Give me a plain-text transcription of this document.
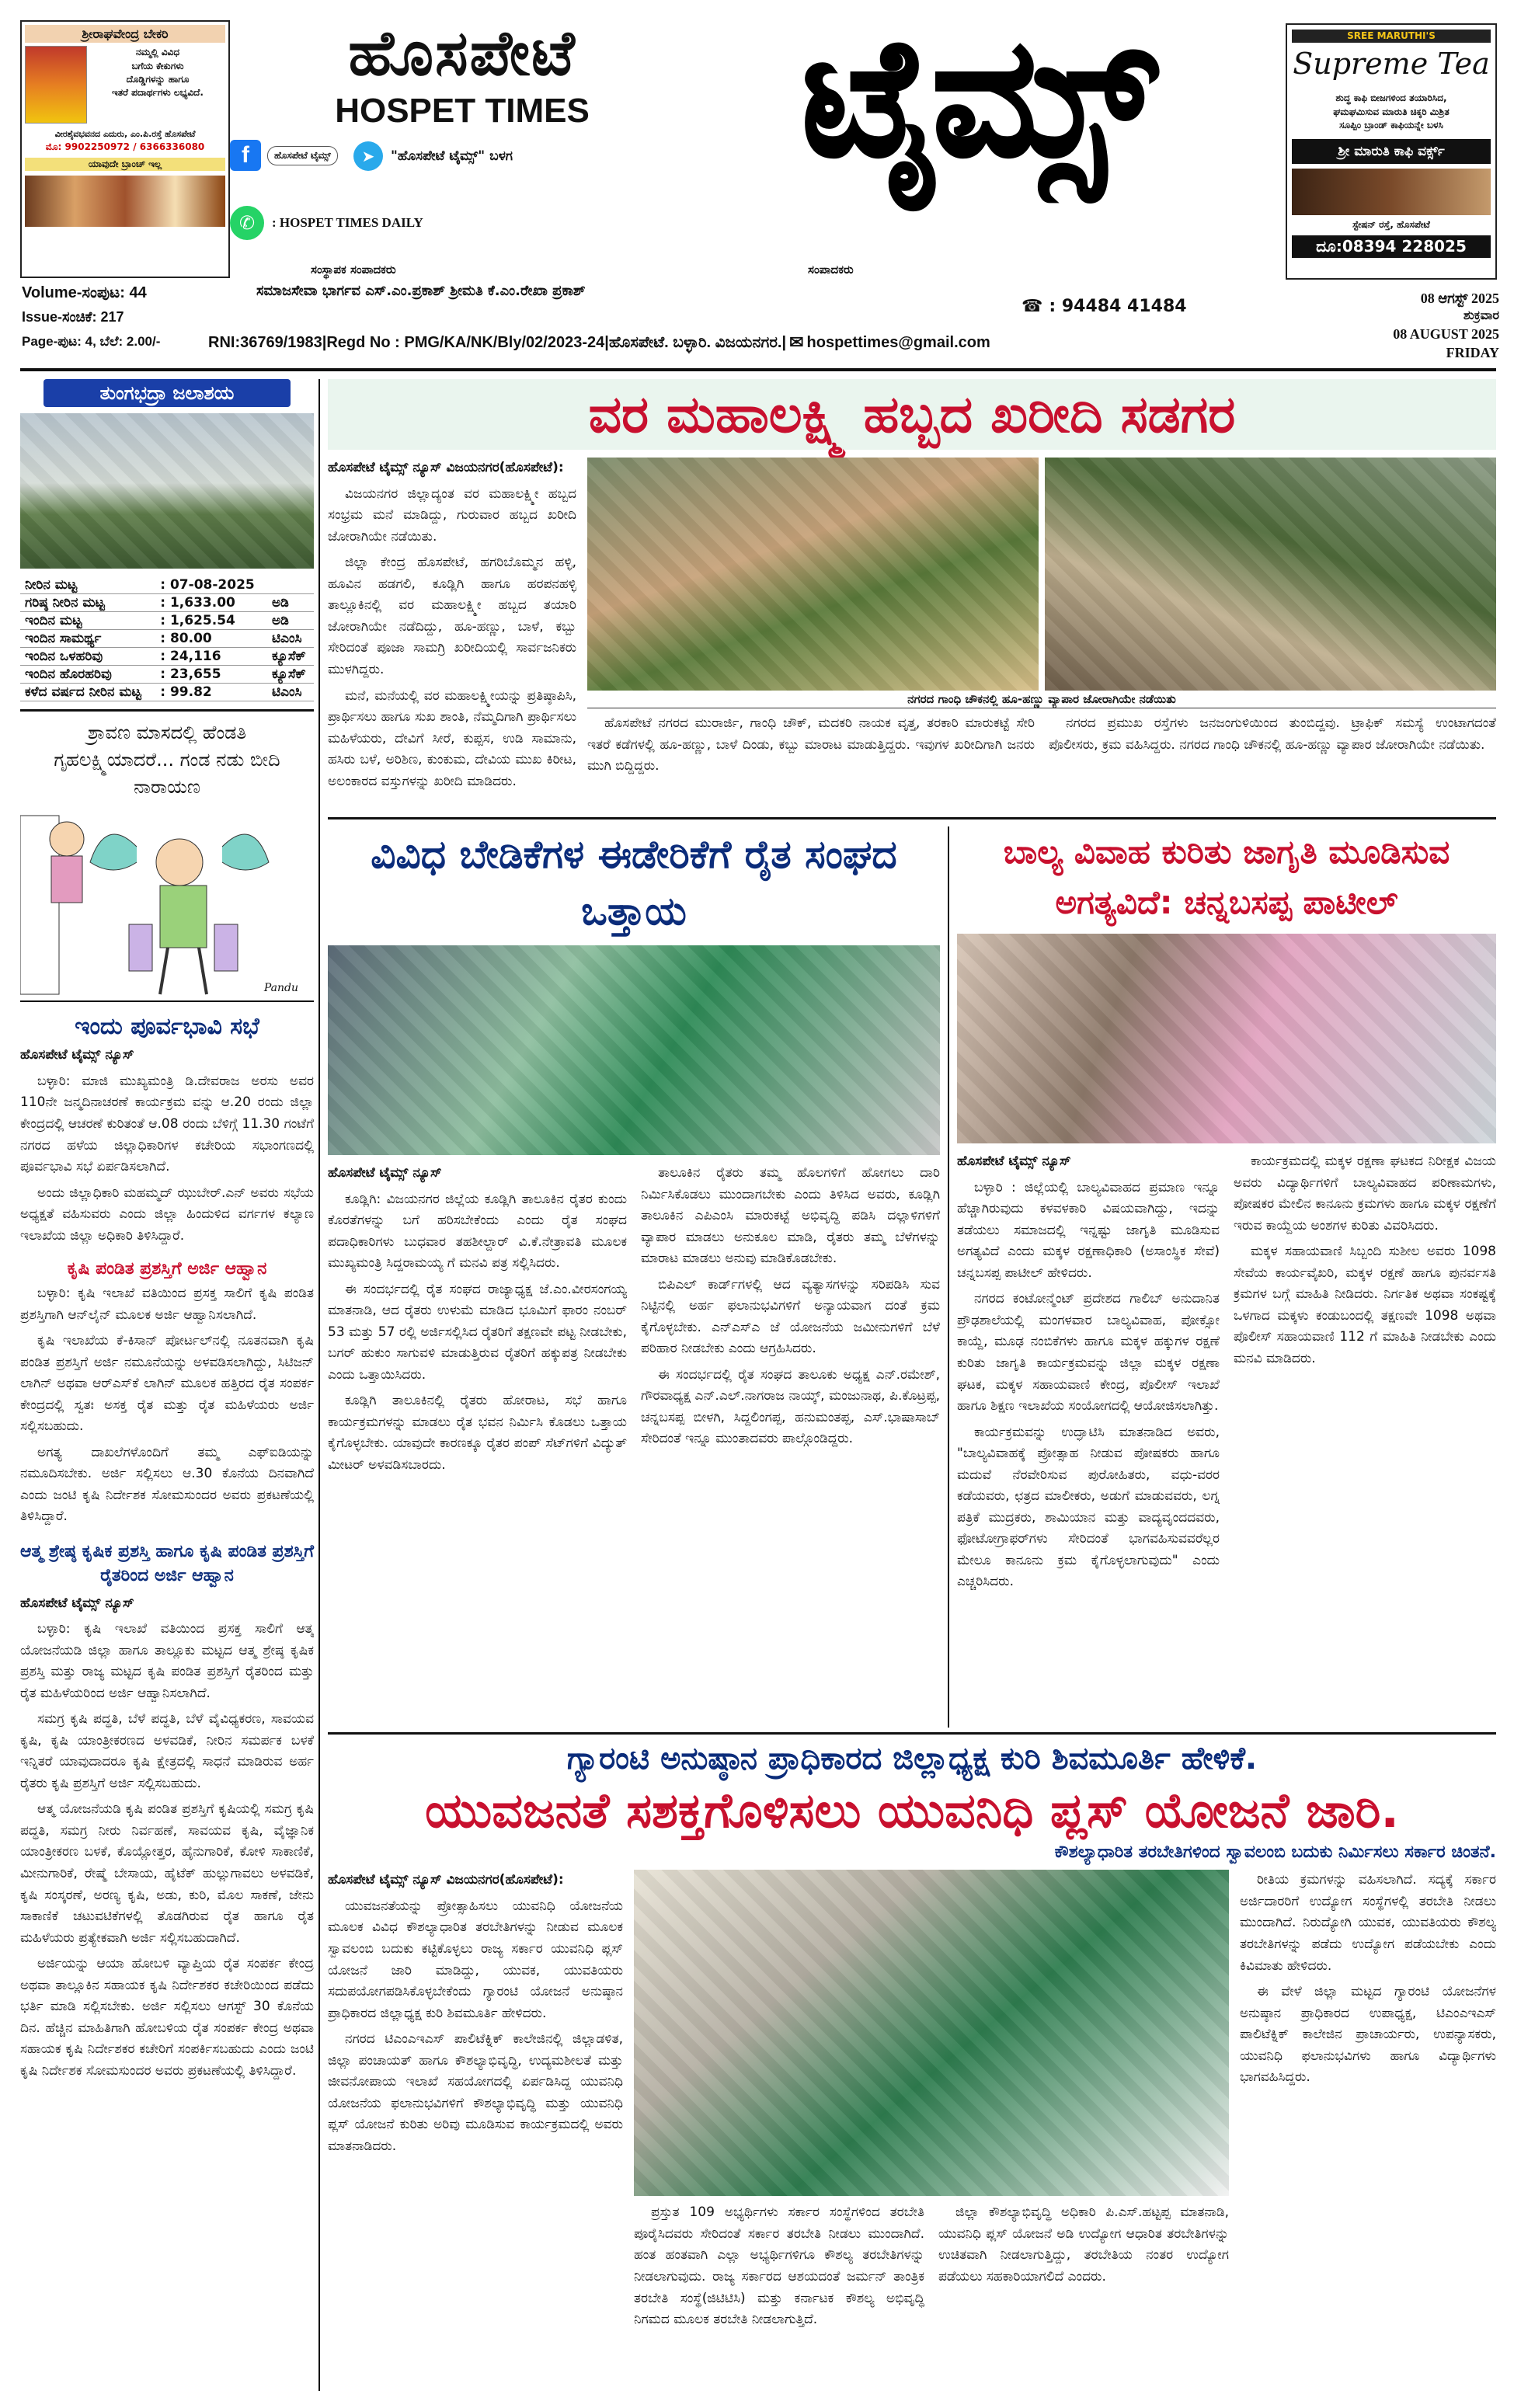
ಶ್ರೀರಾಘವೇಂದ್ರ ಬೇಕರಿ
ನಮ್ಮಲ್ಲಿ ವಿವಿಧ
ಬಗೆಯ ಕೇಕುಗಳು
ದೊಡ್ಡಿಗಳನ್ನು ಹಾಗೂ
ಇತರೆ ಪದಾರ್ಥಗಳು ಲಭ್ಯವಿದೆ.
ವೀರಶೈವಭವನದ ಎದುರು, ಎಂ.ಪಿ.ರಸ್ತೆ ಹೊಸಪೇಟೆ
ಮೊ: 9902250972 / 6366336080
ಯಾವುದೇ ಬ್ರಾಂಚ್ ಇಲ್ಲ
ಹೊಸಪೇಟೆ
HOSPET TIMES
f	ಹೊಸಪೇಟೆ ಟೈಮ್ಸ್	➤	"ಹೊಸಪೇಟೆ ಟೈಮ್ಸ್" ಬಳಗ
✆	: HOSPET TIMES DAILY
ಟೈಮ್ಸ್	SREE MARUTHI'S
Supreme Tea
ಶುದ್ಧ ಕಾಫಿ ಬೀಜಗಳಿಂದ ತಯಾರಿಸಿದ,
ಘಮಘಮಿಸುವ ಮಾರುತಿ ಚಿಕ್ಕರಿ ಮಿಶ್ರಿತ
ಸೂಪ್ಪಿಂ ಬ್ರಾಂಡ್ ಕಾಫಿಯನ್ನೇ ಬಳಸಿ
ಶ್ರೀ ಮಾರುತಿ ಕಾಫಿ ವರ್ಕ್ಸ್
ಸ್ಟೇಷನ್ ರಸ್ತೆ, ಹೊಸಪೇಟೆ
ದೂ:08394 228025
ಸಂಸ್ಥಾಪಕ ಸಂಪಾದಕರು	ಸಂಪಾದಕರು
ಸಮಾಜಸೇವಾ ಭಾರ್ಗವ ಎಸ್.ಎಂ.ಪ್ರಕಾಶ್ ಶ್ರೀಮತಿ ಕೆ.ಎಂ.ರೇಖಾ ಪ್ರಕಾಶ್
☎ : 94484 41484
Volume-ಸಂಪುಟ: 44
Issue-ಸಂಚಿಕೆ: 217
Page-ಪುಟ: 4, ಬೆಲೆ: 2.00/-	RNI:36769/1983|Regd No : PMG/KA/NK/Bly/02/2023-24|ಹೊಸಪೇಟೆ. ಬಳ್ಳಾರಿ. ವಿಜಯನಗರ.| ✉ hospettimes@gmail.com
08 ಆಗಸ್ಟ್ 2025
ಶುಕ್ರವಾರ
08 AUGUST 2025
FRIDAY
ತುಂಗಭದ್ರಾ ಜಲಾಶಯ
ನೀರಿನ ಮಟ್ಟ	: 07-08-2025	
ಗರಿಷ್ಠ ನೀರಿನ ಮಟ್ಟ	: 1,633.00	ಅಡಿ
ಇಂದಿನ ಮಟ್ಟ	: 1,625.54	ಅಡಿ
ಇಂದಿನ ಸಾಮರ್ಥ್ಯ	: 80.00	ಟಿಎಂಸಿ
ಇಂದಿನ ಒಳಹರಿವು	: 24,116	ಕ್ಯೂಸೆಕ್
ಇಂದಿನ ಹೊರಹರಿವು	: 23,655	ಕ್ಯೂಸೆಕ್
ಕಳೆದ ವರ್ಷದ ನೀರಿನ ಮಟ್ಟ	: 99.82	ಟಿಎಂಸಿ
ಶ್ರಾವಣ ಮಾಸದಲ್ಲಿ ಹೆಂಡತಿ ಗೃಹಲಕ್ಷ್ಮಿಯಾದರೆ... ಗಂಡ ನಡು ಬೀದಿ ನಾರಾಯಣ
Pandu
ಇಂದು ಪೂರ್ವಭಾವಿ ಸಭೆ

ಹೊಸಪೇಟೆ ಟೈಮ್ಸ್ ನ್ಯೂಸ್

ಬಳ್ಳಾರಿ: ಮಾಜಿ ಮುಖ್ಯಮಂತ್ರಿ ಡಿ.ದೇವರಾಜ ಅರಸು ಅವರ 110ನೇ ಜನ್ಮದಿನಾಚರಣೆ ಕಾರ್ಯಕ್ರಮ ವನ್ನು ಆ.20 ರಂದು ಜಿಲ್ಲಾ ಕೇಂದ್ರದಲ್ಲಿ ಆಚರಣೆ ಕುರಿತಂತೆ ಆ.08 ರಂದು ಬೆಳಿಗ್ಗೆ 11.30 ಗಂಟೆಗೆ ನಗರದ ಹಳೆಯ ಜಿಲ್ಲಾಧಿಕಾರಿಗಳ ಕಚೇರಿಯ ಸಭಾಂಗಣದಲ್ಲಿ ಪೂರ್ವಭಾವಿ ಸಭೆ ಏರ್ಪಡಿಸಲಾಗಿದೆ.

ಅಂದು ಜಿಲ್ಲಾಧಿಕಾರಿ ಮಹಮ್ಮದ್ ಝುಬೇರ್.ಎನ್ ಅವರು ಸಭೆಯ ಅಧ್ಯಕ್ಷತೆ ವಹಿಸುವರು ಎಂದು ಜಿಲ್ಲಾ ಹಿಂದುಳಿದ ವರ್ಗಗಳ ಕಲ್ಯಾಣ ಇಲಾಖೆಯ ಜಿಲ್ಲಾ ಅಧಿಕಾರಿ ತಿಳಿಸಿದ್ದಾರೆ.

ಕೃಷಿ ಪಂಡಿತ ಪ್ರಶಸ್ತಿಗೆ ಅರ್ಜಿ ಆಹ್ವಾನ

ಬಳ್ಳಾರಿ: ಕೃಷಿ ಇಲಾಖೆ ವತಿಯಿಂದ ಪ್ರಸಕ್ತ ಸಾಲಿಗೆ ಕೃಷಿ ಪಂಡಿತ ಪ್ರಶಸ್ತಿಗಾಗಿ ಆನ್‌ಲೈನ್ ಮೂಲಕ ಅರ್ಜಿ ಆಹ್ವಾನಿಸಲಾಗಿದೆ.

ಕೃಷಿ ಇಲಾಖೆಯ ಕೆ-ಕಿಸಾನ್ ಪೋರ್ಟಲ್‌ನಲ್ಲಿ ನೂತನವಾಗಿ ಕೃಷಿ ಪಂಡಿತ ಪ್ರಶಸ್ತಿಗೆ ಅರ್ಜಿ ನಮೂನೆಯನ್ನು ಅಳವಡಿಸಲಾಗಿದ್ದು, ಸಿಟಿಜನ್ ಲಾಗಿನ್ ಅಥವಾ ಆರ್‌ಎಸ್‌ಕೆ ಲಾಗಿನ್ ಮೂಲಕ ಹತ್ತಿರದ ರೈತ ಸಂಪರ್ಕ ಕೇಂದ್ರದಲ್ಲಿ ಸ್ವತಃ ಅಸಕ್ತ ರೈತ ಮತ್ತು ರೈತ ಮಹಿಳೆಯರು ಅರ್ಜಿ ಸಲ್ಲಿಸಬಹುದು.

ಅಗತ್ಯ ದಾಖಲೆಗಳೊಂದಿಗೆ ತಮ್ಮ ಎಫ್‌ಐಡಿಯನ್ನು ನಮೂದಿಸಬೇಕು. ಅರ್ಜಿ ಸಲ್ಲಿಸಲು ಆ.30 ಕೊನೆಯ ದಿನವಾಗಿದೆ ಎಂದು ಜಂಟಿ ಕೃಷಿ ನಿರ್ದೇಶಕ ಸೋಮಸುಂದರ ಅವರು ಪ್ರಕಟಣೆಯಲ್ಲಿ ತಿಳಿಸಿದ್ದಾರೆ.

ಆತ್ಮ ಶ್ರೇಷ್ಠ ಕೃಷಿಕ ಪ್ರಶಸ್ತಿ ಹಾಗೂ ಕೃಷಿ ಪಂಡಿತ ಪ್ರಶಸ್ತಿಗೆ ರೈತರಿಂದ ಅರ್ಜಿ ಆಹ್ವಾನ

ಹೊಸಪೇಟೆ ಟೈಮ್ಸ್ ನ್ಯೂಸ್

ಬಳ್ಳಾರಿ: ಕೃಷಿ ಇಲಾಖೆ ವತಿಯಿಂದ ಪ್ರಸಕ್ತ ಸಾಲಿಗೆ ಆತ್ಮ ಯೋಜನೆಯಡಿ ಜಿಲ್ಲಾ ಹಾಗೂ ತಾಲ್ಲೂಕು ಮಟ್ಟದ ಆತ್ಮ ಶ್ರೇಷ್ಠ ಕೃಷಿಕ ಪ್ರಶಸ್ತಿ ಮತ್ತು ರಾಜ್ಯ ಮಟ್ಟದ ಕೃಷಿ ಪಂಡಿತ ಪ್ರಶಸ್ತಿಗೆ ರೈತರಿಂದ ಮತ್ತು ರೈತ ಮಹಿಳೆಯರಿಂದ ಅರ್ಜಿ ಆಹ್ವಾನಿಸಲಾಗಿದೆ.

ಸಮಗ್ರ ಕೃಷಿ ಪದ್ಧತಿ, ಬೆಳೆ ಪದ್ಧತಿ, ಬೆಳೆ ವೈವಿಧ್ಯಕರಣ, ಸಾವಯವ ಕೃಷಿ, ಕೃಷಿ ಯಾಂತ್ರೀಕರಣದ ಅಳವಡಿಕೆ, ನೀರಿನ ಸಮರ್ಪಕ ಬಳಕೆ ಇನ್ನಿತರೆ ಯಾವುದಾದರೂ ಕೃಷಿ ಕ್ಷೇತ್ರದಲ್ಲಿ ಸಾಧನೆ ಮಾಡಿರುವ ಅರ್ಹ ರೈತರು ಕೃಷಿ ಪ್ರಶಸ್ತಿಗೆ ಅರ್ಜಿ ಸಲ್ಲಿಸಬಹುದು.

ಆತ್ಮ ಯೋಜನೆಯಡಿ ಕೃಷಿ ಪಂಡಿತ ಪ್ರಶಸ್ತಿಗೆ ಕೃಷಿಯಲ್ಲಿ ಸಮಗ್ರ ಕೃಷಿ ಪದ್ಧತಿ, ಸಮಗ್ರ ನೀರು ನಿರ್ವಹಣೆ, ಸಾವಯವ ಕೃಷಿ, ವೈಜ್ಞಾನಿಕ ಯಾಂತ್ರೀಕರಣ ಬಳಕೆ, ಕೊಯ್ಲೋತ್ತರ, ಹೈನುಗಾರಿಕೆ, ಕೋಳಿ ಸಾಕಾಣಿಕೆ, ಮೀನುಗಾರಿಕೆ, ರೇಷ್ಮೆ ಬೇಸಾಯ, ಹೈಟೆಕ್ ಹುಲ್ಲುಗಾವಲು ಅಳವಡಿಕೆ, ಕೃಷಿ ಸಂಸ್ಕರಣೆ, ಅರಣ್ಯ ಕೃಷಿ, ಅಡು, ಕುರಿ, ಮೊಲ ಸಾಕಣೆ, ಜೇನು ಸಾಕಾಣಿಕೆ ಚಟುವಟಿಕೆಗಳಲ್ಲಿ ತೊಡಗಿರುವ ರೈತ ಹಾಗೂ ರೈತ ಮಹಿಳೆಯರು ಪ್ರತ್ಯೇಕವಾಗಿ ಅರ್ಜಿ ಸಲ್ಲಿಸಬಹುದಾಗಿದೆ.

ಅರ್ಜಿಯನ್ನು ಆಯಾ ಹೋಬಳಿ ವ್ಯಾಪ್ತಿಯ ರೈತ ಸಂಪರ್ಕ ಕೇಂದ್ರ ಅಥವಾ ತಾಲ್ಲೂಕಿನ ಸಹಾಯಕ ಕೃಷಿ ನಿರ್ದೇಶಕರ ಕಚೇರಿಯಿಂದ ಪಡೆದು ಭರ್ತಿ ಮಾಡಿ ಸಲ್ಲಿಸಬೇಕು. ಅರ್ಜಿ ಸಲ್ಲಿಸಲು ಆಗಸ್ಟ್ 30 ಕೊನೆಯ ದಿನ. ಹೆಚ್ಚಿನ ಮಾಹಿತಿಗಾಗಿ ಹೋಬಳಿಯ ರೈತ ಸಂಪರ್ಕ ಕೇಂದ್ರ ಅಥವಾ ಸಹಾಯಕ ಕೃಷಿ ನಿರ್ದೇಶಕರ ಕಚೇರಿಗೆ ಸಂಪರ್ಕಿಸಬಹುದು ಎಂದು ಜಂಟಿ ಕೃಷಿ ನಿರ್ದೇಶಕ ಸೋಮಸುಂದರ ಅವರು ಪ್ರಕಟಣೆಯಲ್ಲಿ ತಿಳಿಸಿದ್ದಾರೆ.

ವರ ಮಹಾಲಕ್ಷ್ಮಿ ಹಬ್ಬದ ಖರೀದಿ ಸಡಗರ

ಹೊಸಪೇಟೆ ಟೈಮ್ಸ್ ನ್ಯೂಸ್ ವಿಜಯನಗರ(ಹೊಸಪೇಟೆ):

ವಿಜಯನಗರ ಜಿಲ್ಲಾದ್ಯಂತ ವರ ಮಹಾಲಕ್ಷ್ಮೀ ಹಬ್ಬದ ಸಂಭ್ರಮ ಮನೆ ಮಾಡಿದ್ದು, ಗುರುವಾರ ಹಬ್ಬದ ಖರೀದಿ ಜೋರಾಗಿಯೇ ನಡೆಯಿತು.

ಜಿಲ್ಲಾ ಕೇಂದ್ರ ಹೊಸಪೇಟೆ, ಹಗರಿಬೊಮ್ಮನ ಹಳ್ಳಿ, ಹೂವಿನ ಹಡಗಲಿ, ಕೂಡ್ಲಿಗಿ ಹಾಗೂ ಹರಪನಹಳ್ಳಿ ತಾಲ್ಲೂಕಿನಲ್ಲಿ ವರ ಮಹಾಲಕ್ಷ್ಮೀ ಹಬ್ಬದ ತಯಾರಿ ಜೋರಾಗಿಯೇ ನಡೆದಿದ್ದು, ಹೂ-ಹಣ್ಣು, ಬಾಳೆ, ಕಬ್ಬು ಸೇರಿದಂತೆ ಪೂಜಾ ಸಾಮಗ್ರಿ ಖರೀದಿಯಲ್ಲಿ ಸಾರ್ವಜನಿಕರು ಮುಳಗಿದ್ದರು.

ಮನೆ, ಮನೆಯಲ್ಲಿ ವರ ಮಹಾಲಕ್ಷ್ಮೀಯನ್ನು ಪ್ರತಿಷ್ಠಾಪಿಸಿ, ಪ್ರಾರ್ಥಿಸಲು ಹಾಗೂ ಸುಖ ಶಾಂತಿ, ನೆಮ್ಮದಿಗಾಗಿ ಪ್ರಾರ್ಥಿಸಲು ಮಹಿಳೆಯರು, ದೇವಿಗೆ ಸೀರೆ, ಕುಪ್ಪಸ, ಉಡಿ ಸಾಮಾನು, ಹಸಿರು ಬಳೆ, ಅರಿಶಿಣ, ಕುಂಕುಮ, ದೇವಿಯ ಮುಖ ಕಿರೀಟ, ಅಲಂಕಾರದ ವಸ್ತುಗಳನ್ನು ಖರೀದಿ ಮಾಡಿದರು.

ನಗರದ ಗಾಂಧಿ ಚೌಕನಲ್ಲಿ ಹೂ-ಹಣ್ಣು ವ್ಯಾಪಾರ ಜೋರಾಗಿಯೇ ನಡೆಯಿತು

ಹೊಸಪೇಟೆ ನಗರದ ಮುರಾರ್ಜಿ, ಗಾಂಧಿ ಚೌಕ್, ಮದಕರಿ ನಾಯಕ ವೃತ್ತ, ತರಕಾರಿ ಮಾರುಕಟ್ಟೆ ಸೇರಿ ಇತರೆ ಕಡೆಗಳಲ್ಲಿ ಹೂ-ಹಣ್ಣು, ಬಾಳೆ ದಿಂಡು, ಕಬ್ಬು ಮಾರಾಟ ಮಾಡುತ್ತಿದ್ದರು. ಇವುಗಳ ಖರೀದಿಗಾಗಿ ಜನರು ಮುಗಿ ಬಿದ್ದಿದ್ದರು.

ನಗರದ ಪ್ರಮುಖ ರಸ್ತೆಗಳು ಜನಜಂಗುಳಿಯಿಂದ ತುಂಬಿದ್ದವು. ಟ್ರಾಫಿಕ್ ಸಮಸ್ಯೆ ಉಂಟಾಗದಂತೆ ಪೊಲೀಸರು, ಕ್ರಮ ವಹಿಸಿದ್ದರು. ನಗರದ ಗಾಂಧಿ ಚೌಕನಲ್ಲಿ ಹೂ-ಹಣ್ಣು ವ್ಯಾಪಾರ ಜೋರಾಗಿಯೇ ನಡೆಯಿತು.

ವಿವಿಧ ಬೇಡಿಕೆಗಳ ಈಡೇರಿಕೆಗೆ ರೈತ ಸಂಘದ ಒತ್ತಾಯ

ಹೊಸಪೇಟೆ ಟೈಮ್ಸ್ ನ್ಯೂಸ್

ಕೂಡ್ಲಿಗಿ: ವಿಜಯನಗರ ಜಿಲ್ಲೆಯ ಕೂಡ್ಲಿಗಿ ತಾಲೂಕಿನ ರೈತರ ಕುಂದು ಕೊರತೆಗಳನ್ನು ಬಗೆ ಹರಿಸಬೇಕೆಂದು ಎಂದು ರೈತ ಸಂಘದ ಪದಾಧಿಕಾರಿಗಳು ಬುಧವಾರ ತಹಶೀಲ್ದಾರ್ ವಿ.ಕೆ.ನೇತ್ರಾವತಿ ಮೂಲಕ ಮುಖ್ಯಮಂತ್ರಿ ಸಿದ್ದರಾಮಯ್ಯ ಗೆ ಮನವಿ ಪತ್ರ ಸಲ್ಲಿಸಿದರು.

ಈ ಸಂದರ್ಭದಲ್ಲಿ ರೈತ ಸಂಘದ ರಾಜ್ಯಾಧ್ಯಕ್ಷ ಜೆ.ಎಂ.ವೀರಸಂಗಯ್ಯ ಮಾತನಾಡಿ, ಆದ ರೈತರು ಉಳುಮೆ ಮಾಡಿದ ಭೂಮಿಗೆ ಫಾರಂ ನಂಬರ್ 53 ಮತ್ತು 57 ರಲ್ಲಿ ಅರ್ಜಿಸಲ್ಲಿಸಿದ ರೈತರಿಗೆ ತಕ್ಷಣವೇ ಪಟ್ಟ ನೀಡಬೇಕು, ಬಗರ್ ಹುಕುಂ ಸಾಗುವಳಿ ಮಾಡುತ್ತಿರುವ ರೈತರಿಗೆ ಹಕ್ಕುಪತ್ರ ನೀಡಬೇಕು ಎಂದು ಒತ್ತಾಯಿಸಿದರು.

ಕೂಡ್ಲಿಗಿ ತಾಲೂಕಿನಲ್ಲಿ ರೈತರು ಹೋರಾಟ, ಸಭೆ ಹಾಗೂ ಕಾರ್ಯಕ್ರಮಗಳನ್ನು ಮಾಡಲು ರೈತ ಭವನ ನಿರ್ಮಿಸಿ ಕೊಡಲು ಒತ್ತಾಯ ಕೈಗೊಳ್ಳಬೇಕು. ಯಾವುದೇ ಕಾರಣಕ್ಕೂ ರೈತರ ಪಂಪ್ ಸೆಟ್‌ಗಳಿಗೆ ವಿದ್ಯುತ್ ಮೀಟರ್ ಅಳವಡಿಸಬಾರದು.

ತಾಲೂಕಿನ ರೈತರು ತಮ್ಮ ಹೊಲಗಳಿಗೆ ಹೋಗಲು ದಾರಿ ನಿರ್ಮಿಸಿಕೊಡಲು ಮುಂದಾಗಬೇಕು ಎಂದು ತಿಳಿಸಿದ ಅವರು, ಕೂಡ್ಲಿಗಿ ತಾಲೂಕಿನ ಎಪಿಎಂಸಿ ಮಾರುಕಟ್ಟೆ ಅಭಿವೃದ್ಧಿ ಪಡಿಸಿ ದಲ್ಲಾಳಿಗಳಿಗೆ ವ್ಯಾಪಾರ ಮಾಡಲು ಅನುಕೂಲ ಮಾಡಿ, ರೈತರು ತಮ್ಮ ಬೆಳೆಗಳನ್ನು ಮಾರಾಟ ಮಾಡಲು ಅನುವು ಮಾಡಿಕೊಡಬೇಕು.

ಬಿಪಿಎಲ್ ಕಾರ್ಡ್‌ಗಳಲ್ಲಿ ಆದ ವ್ಯತ್ಯಾಸಗಳನ್ನು ಸರಿಪಡಿಸಿ ಸುವ ನಿಟ್ಟಿನಲ್ಲಿ ಅರ್ಹ ಫಲಾನುಭವಿಗಳಿಗೆ ಅನ್ಯಾಯವಾಗ ದಂತೆ ಕ್ರಮ ಕೈಗೊಳ್ಳಬೇಕು. ಎನ್‌ಎಸ್‌ಎ ಜೆ ಯೋಜನೆಯ ಜಮೀನುಗಳಿಗೆ ಬೆಳೆ ಪರಿಹಾರ ನೀಡಬೇಕು ಎಂದು ಆಗ್ರಹಿಸಿದರು.

ಈ ಸಂದರ್ಭದಲ್ಲಿ ರೈತ ಸಂಘದ ತಾಲೂಕು ಅಧ್ಯಕ್ಷ ಎನ್.ರಮೇಶ್, ಗೌರವಾಧ್ಯಕ್ಷ ಎನ್.ಎಲ್.ನಾಗರಾಜ ನಾಯ್ಕ್, ಮಂಜುನಾಥ, ಪಿ.ಕೊಟ್ರಪ್ಪ, ಚನ್ನಬಸಪ್ಪ ಬೀಳಗಿ, ಸಿದ್ದಲಿಂಗಪ್ಪ, ಹನುಮಂತಪ್ಪ, ಎಸ್.ಭಾಷಾಸಾಬ್ ಸೇರಿದಂತೆ ಇನ್ನೂ ಮುಂತಾದವರು ಪಾಲ್ಗೊಂಡಿದ್ದರು.

ಬಾಲ್ಯ ವಿವಾಹ ಕುರಿತು ಜಾಗೃತಿ ಮೂಡಿಸುವ ಅಗತ್ಯವಿದೆ: ಚನ್ನಬಸಪ್ಪ ಪಾಟೀಲ್

ಹೊಸಪೇಟೆ ಟೈಮ್ಸ್ ನ್ಯೂಸ್

ಬಳ್ಳಾರಿ : ಜಿಲ್ಲೆಯಲ್ಲಿ ಬಾಲ್ಯವಿವಾಹದ ಪ್ರಮಾಣ ಇನ್ನೂ ಹೆಚ್ಚಾಗಿರುವುದು ಕಳವಳಕಾರಿ ವಿಷಯವಾಗಿದ್ದು, ಇದನ್ನು ತಡೆಯಲು ಸಮಾಜದಲ್ಲಿ ಇನ್ನಷ್ಟು ಜಾಗೃತಿ ಮೂಡಿಸುವ ಅಗತ್ಯವಿದೆ ಎಂದು ಮಕ್ಕಳ ರಕ್ಷಣಾಧಿಕಾರಿ (ಅಸಾಂಸ್ಥಿಕ ಸೇವೆ) ಚನ್ನಬಸಪ್ಪ ಪಾಟೀಲ್ ಹೇಳಿದರು.

ನಗರದ ಕಂಟೋನ್ಮೆಂಟ್ ಪ್ರದೇಶದ ಗಾಲಿಬ್ ಅನುದಾನಿತ ಪ್ರೌಢಶಾಲೆಯಲ್ಲಿ ಮಂಗಳವಾರ ಬಾಲ್ಯವಿವಾಹ, ಪೋಕ್ಸೋ ಕಾಯ್ದೆ, ಮೂಢ ನಂಬಿಕೆಗಳು ಹಾಗೂ ಮಕ್ಕಳ ಹಕ್ಕುಗಳ ರಕ್ಷಣೆ ಕುರಿತು ಜಾಗೃತಿ ಕಾರ್ಯಕ್ರಮವನ್ನು ಜಿಲ್ಲಾ ಮಕ್ಕಳ ರಕ್ಷಣಾ ಘಟಕ, ಮಕ್ಕಳ ಸಹಾಯವಾಣಿ ಕೇಂದ್ರ, ಪೊಲೀಸ್ ಇಲಾಖೆ ಹಾಗೂ ಶಿಕ್ಷಣ ಇಲಾಖೆಯ ಸಂಯೋಗದಲ್ಲಿ ಆಯೋಜಿಸಲಾಗಿತ್ತು.

ಕಾರ್ಯಕ್ರಮವನ್ನು ಉದ್ಘಾಟಿಸಿ ಮಾತನಾಡಿದ ಅವರು, "ಬಾಲ್ಯವಿವಾಹಕ್ಕೆ ಪ್ರೋತ್ಸಾಹ ನೀಡುವ ಪೋಷಕರು ಹಾಗೂ ಮದುವೆ ನೆರವೇರಿಸುವ ಪುರೋಹಿತರು, ವಧು-ವರರ ಕಡೆಯವರು, ಛತ್ರದ ಮಾಲೀಕರು, ಅಡುಗೆ ಮಾಡುವವರು, ಲಗ್ನ ಪತ್ರಿಕೆ ಮುದ್ರಕರು, ಶಾಮಿಯಾನ ಮತ್ತು ವಾದ್ಯವೃಂದದವರು, ಫೋಟೋಗ್ರಾಫರ್‌ಗಳು ಸೇರಿದಂತೆ ಭಾಗವಹಿಸುವವರೆಲ್ಲರ ಮೇಲೂ ಕಾನೂನು ಕ್ರಮ ಕೈಗೊಳ್ಳಲಾಗುವುದು" ಎಂದು ಎಚ್ಚರಿಸಿದರು.

ಕಾರ್ಯಕ್ರಮದಲ್ಲಿ ಮಕ್ಕಳ ರಕ್ಷಣಾ ಘಟಕದ ನಿರೀಕ್ಷಕ ವಿಜಯ ಅವರು ವಿದ್ಯಾರ್ಥಿಗಳಿಗೆ ಬಾಲ್ಯವಿವಾಹದ ಪರಿಣಾಮಗಳು, ಪೋಷಕರ ಮೇಲಿನ ಕಾನೂನು ಕ್ರಮಗಳು ಹಾಗೂ ಮಕ್ಕಳ ರಕ್ಷಣೆಗೆ ಇರುವ ಕಾಯ್ದೆಯ ಅಂಶಗಳ ಕುರಿತು ವಿವರಿಸಿದರು.

ಮಕ್ಕಳ ಸಹಾಯವಾಣಿ ಸಿಬ್ಬಂದಿ ಸುಶೀಲ ಅವರು 1098 ಸೇವೆಯ ಕಾರ್ಯವೈಖರಿ, ಮಕ್ಕಳ ರಕ್ಷಣೆ ಹಾಗೂ ಪುನರ್ವಸತಿ ಕ್ರಮಗಳ ಬಗ್ಗೆ ಮಾಹಿತಿ ನೀಡಿದರು. ನಿರ್ಗತಿಕ ಅಥವಾ ಸಂಕಷ್ಟಕ್ಕೆ ಒಳಗಾದ ಮಕ್ಕಳು ಕಂಡುಬಂದಲ್ಲಿ ತಕ್ಷಣವೇ 1098 ಅಥವಾ ಪೊಲೀಸ್ ಸಹಾಯವಾಣಿ 112 ಗೆ ಮಾಹಿತಿ ನೀಡಬೇಕು ಎಂದು ಮನವಿ ಮಾಡಿದರು.

ಗ್ಯಾರಂಟಿ ಅನುಷ್ಠಾನ ಪ್ರಾಧಿಕಾರದ ಜಿಲ್ಲಾಧ್ಯಕ್ಷ ಕುರಿ ಶಿವಮೂರ್ತಿ ಹೇಳಿಕೆ.
ಯುವಜನತೆ ಸಶಕ್ತಗೊಳಿಸಲು ಯುವನಿಧಿ ಪ್ಲಸ್ ಯೋಜನೆ ಜಾರಿ.
ಕೌಶಲ್ಯಾಧಾರಿತ ತರಬೇತಿಗಳಿಂದ ಸ್ವಾವಲಂಬಿ ಬದುಕು ನಿರ್ಮಿಸಲು ಸರ್ಕಾರ ಚಿಂತನೆ.

ಹೊಸಪೇಟೆ ಟೈಮ್ಸ್ ನ್ಯೂಸ್ ವಿಜಯನಗರ(ಹೊಸಪೇಟೆ):

ಯುವಜನತೆಯನ್ನು ಪ್ರೋತ್ಸಾಹಿಸಲು ಯುವನಿಧಿ ಯೋಜನೆಯ ಮೂಲಕ ವಿವಿಧ ಕೌಶಲ್ಯಾಧಾರಿತ ತರಬೇತಿಗಳನ್ನು ನೀಡುವ ಮೂಲಕ ಸ್ವಾವಲಂಬಿ ಬದುಕು ಕಟ್ಟಿಕೊಳ್ಳಲು ರಾಜ್ಯ ಸರ್ಕಾರ ಯುವನಿಧಿ ಪ್ಲಸ್ ಯೋಜನೆ ಜಾರಿ ಮಾಡಿದ್ದು, ಯುವಕ, ಯುವತಿಯರು ಸದುಪಯೋಗಪಡಿಸಿಕೊಳ್ಳಬೇಕೆಂದು ಗ್ಯಾರಂಟಿ ಯೋಜನೆ ಅನುಷ್ಠಾನ ಪ್ರಾಧಿಕಾರದ ಜಿಲ್ಲಾಧ್ಯಕ್ಷ ಕುರಿ ಶಿವಮೂರ್ತಿ ಹೇಳಿದರು.

ನಗರದ ಟಿಎಂಎಇಎಸ್ ಪಾಲಿಟೆಕ್ನಿಕ್ ಕಾಲೇಜಿನಲ್ಲಿ ಜಿಲ್ಲಾಡಳಿತ, ಜಿಲ್ಲಾ ಪಂಚಾಯತ್ ಹಾಗೂ ಕೌಶಲ್ಯಾಭಿವೃದ್ಧಿ, ಉದ್ಯಮಶೀಲತೆ ಮತ್ತು ಜೀವನೋಪಾಯ ಇಲಾಖೆ ಸಹಯೋಗದಲ್ಲಿ ಏರ್ಪಡಿಸಿದ್ದ ಯುವನಿಧಿ ಯೋಜನೆಯ ಫಲಾನುಭವಿಗಳಿಗೆ ಕೌಶಲ್ಯಾಭಿವೃದ್ಧಿ ಮತ್ತು ಯುವನಿಧಿ ಪ್ಲಸ್ ಯೋಜನೆ ಕುರಿತು ಅರಿವು ಮೂಡಿಸುವ ಕಾರ್ಯಕ್ರಮದಲ್ಲಿ ಅವರು ಮಾತನಾಡಿದರು.

ಪ್ರಸ್ತುತ 109 ಅಭ್ಯರ್ಥಿಗಳು ಸರ್ಕಾರ ಸಂಸ್ಥೆಗಳಿಂದ ತರಬೇತಿ ಪೂರೈಸಿದವರು ಸೇರಿದಂತೆ ಸರ್ಕಾರ ತರಬೇತಿ ನೀಡಲು ಮುಂದಾಗಿದೆ. ಹಂತ ಹಂತವಾಗಿ ಎಲ್ಲಾ ಅಭ್ಯರ್ಥಿಗಳಿಗೂ ಕೌಶಲ್ಯ ತರಬೇತಿಗಳನ್ನು ನೀಡಲಾಗುವುದು. ರಾಜ್ಯ ಸರ್ಕಾರದ ಆಶಯದಂತೆ ಜರ್ಮನ್ ತಾಂತ್ರಿಕ ತರಬೇತಿ ಸಂಸ್ಥೆ(ಜಿಟಿಟಿಸಿ) ಮತ್ತು ಕರ್ನಾಟಕ ಕೌಶಲ್ಯ ಅಭಿವೃದ್ಧಿ ನಿಗಮದ ಮೂಲಕ ತರಬೇತಿ ನೀಡಲಾಗುತ್ತಿದೆ.

ಜಿಲ್ಲಾ ಕೌಶಲ್ಯಾಭಿವೃದ್ಧಿ ಅಧಿಕಾರಿ ಪಿ.ಎಸ್.ಹಟ್ಟಪ್ಪ ಮಾತನಾಡಿ, ಯುವನಿಧಿ ಪ್ಲಸ್ ಯೋಜನೆ ಅಡಿ ಉದ್ಯೋಗ ಆಧಾರಿತ ತರಬೇತಿಗಳನ್ನು ಉಚಿತವಾಗಿ ನೀಡಲಾಗುತ್ತಿದ್ದು, ತರಬೇತಿಯ ನಂತರ ಉದ್ಯೋಗ ಪಡೆಯಲು ಸಹಕಾರಿಯಾಗಲಿದೆ ಎಂದರು.

ರೀತಿಯ ಕ್ರಮಗಳನ್ನು ವಹಿಸಲಾಗಿದೆ. ಸದ್ಯಕ್ಕೆ ಸರ್ಕಾರ ಅರ್ಜಿದಾರರಿಗೆ ಉದ್ಯೋಗ ಸಂಸ್ಥೆಗಳಲ್ಲಿ ತರಬೇತಿ ನೀಡಲು ಮುಂದಾಗಿದೆ. ನಿರುದ್ಯೋಗಿ ಯುವಕ, ಯುವತಿಯರು ಕೌಶಲ್ಯ ತರಬೇತಿಗಳನ್ನು ಪಡೆದು ಉದ್ಯೋಗ ಪಡೆಯಬೇಕು ಎಂದು ಕಿವಿಮಾತು ಹೇಳಿದರು.

ಈ ವೇಳೆ ಜಿಲ್ಲಾ ಮಟ್ಟದ ಗ್ಯಾರಂಟಿ ಯೋಜನೆಗಳ ಅನುಷ್ಠಾನ ಪ್ರಾಧಿಕಾರದ ಉಪಾಧ್ಯಕ್ಷ, ಟಿಎಂಎಇಎಸ್ ಪಾಲಿಟೆಕ್ನಿಕ್ ಕಾಲೇಜಿನ ಪ್ರಾಚಾರ್ಯರು, ಉಪನ್ಯಾಸಕರು, ಯುವನಿಧಿ ಫಲಾನುಭವಿಗಳು ಹಾಗೂ ವಿದ್ಯಾರ್ಥಿಗಳು ಭಾಗವಹಿಸಿದ್ದರು.
